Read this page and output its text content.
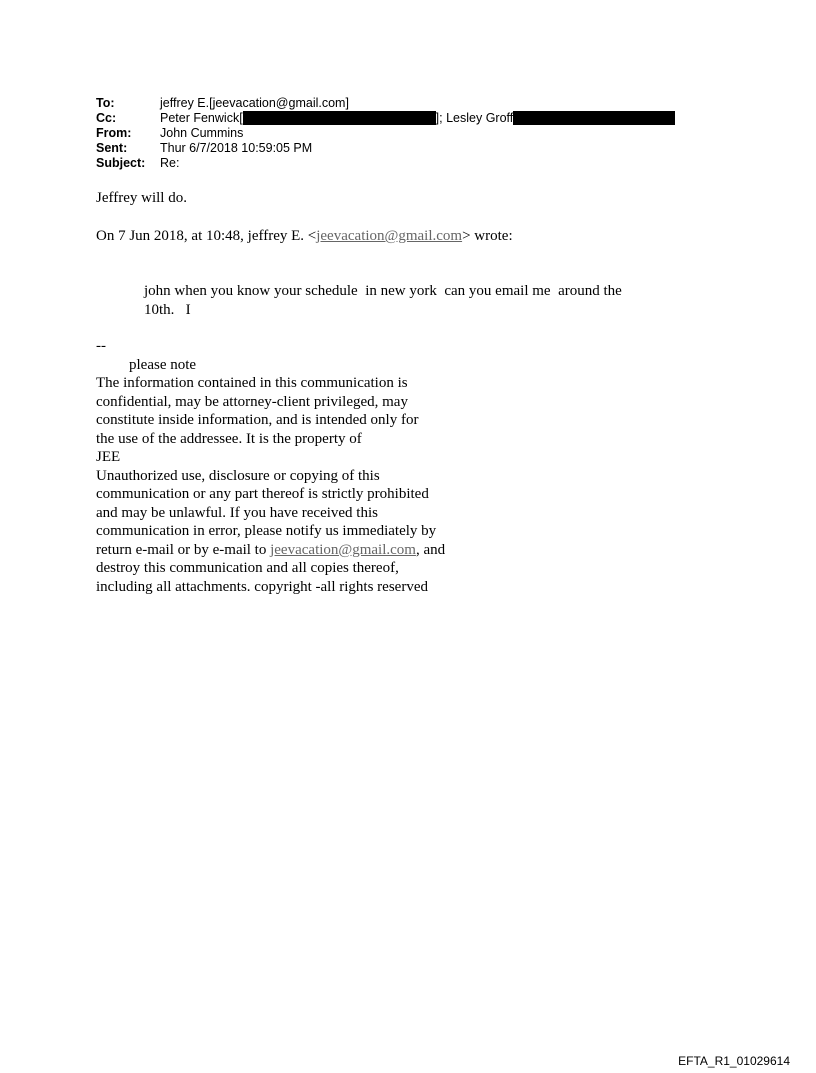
To:	jeffrey E.[jeevacation@gmail.com]
Cc:	Peter Fenwick[	]; Lesley Groff
From:	John Cummins
Sent:	Thur 6/7/2018 10:59:05 PM
Subject:	Re:
Jeffrey will do.
On 7 Jun 2018, at 10:48, jeffrey E. <jeevacation@gmail.com> wrote:
john when you know your schedule  in new york  can you email me  around the
10th.   I
--
please note
The information contained in this communication is
confidential, may be attorney-client privileged, may
constitute inside information, and is intended only for
the use of the addressee. It is the property of
JEE
Unauthorized use, disclosure or copying of this
communication or any part thereof is strictly prohibited
and may be unlawful. If you have received this
communication in error, please notify us immediately by
return e-mail or by e-mail to jeevacation@gmail.com, and
destroy this communication and all copies thereof,
including all attachments. copyright -all rights reserved
EFTA_R1_01029614
